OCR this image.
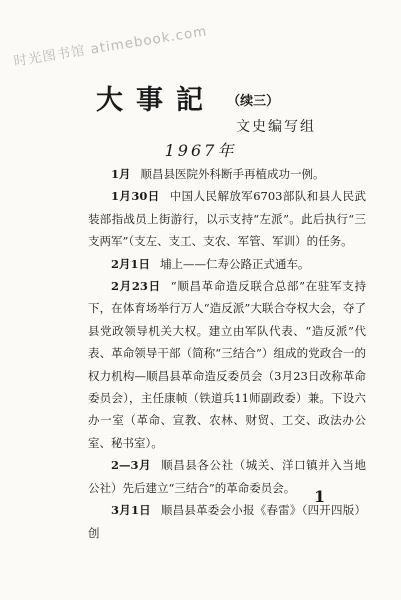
时光图书馆 atimebook.com
大事記 $^{(续三)}$
文史编写组
1967年

1月 顺昌县医院外科断手再植成功一例。

1月30日 中国人民解放军6703部队和县人民武装部指战员上街游行，以示支持“左派”。此后执行“三支两军”（支左、支工、支农、军管、军训）的任务。

2月1日 埔上——仁寿公路正式通车。

2月23日 “顺昌革命造反联合总部”在驻军支持下，在体育场举行万人“造反派”大联合夺权大会，夺了县党政领导机关大权。建立由军队代表、“造反派”代表、革命领导干部（简称“三结合”）组成的党政合一的权力机构—顺昌县革命造反委员会（3月23日改称革命委员会），主任康帧（铁道兵11师副政委）兼。下设六办一室（革命、宣教、农林、财贸、工交、政法办公室、秘书室）。

2—3月 顺昌县各公社（城关、洋口镇并入当地公社）先后建立“三结合”的革命委员会。

3月1日 顺昌县革委会小报《春雷》（四开四版）创

1
